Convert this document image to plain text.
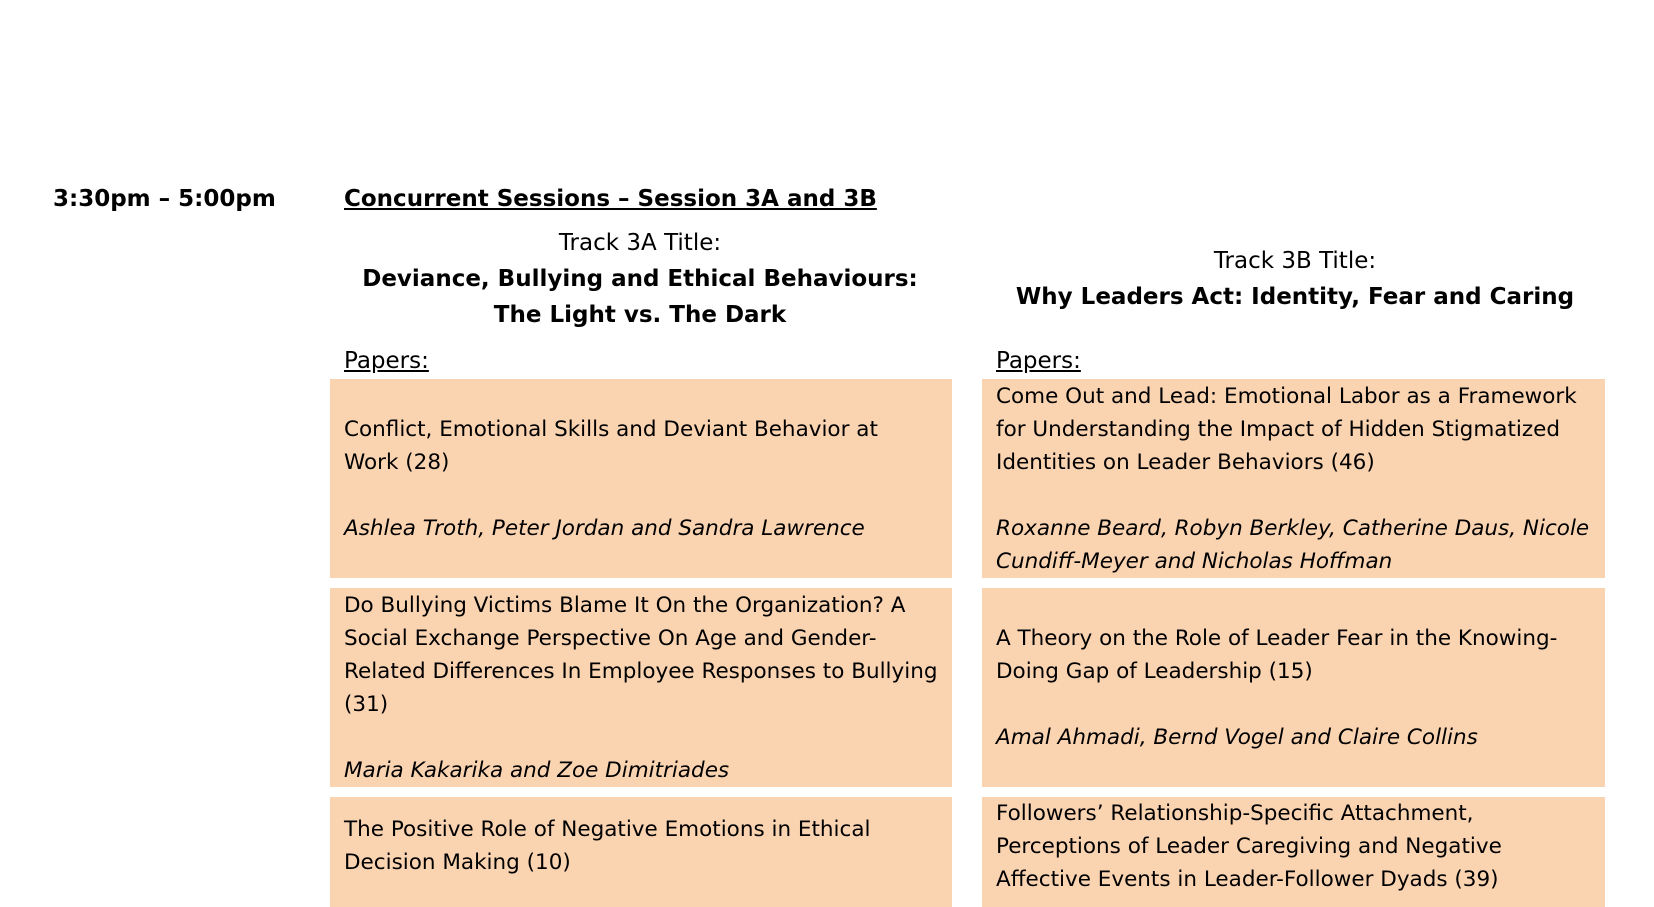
3:30pm – 5:00pm	Concurrent Sessions – Session 3A and 3B
Track 3A Title:
Deviance, Bullying and Ethical Behaviours:
The Light vs. The Dark
Track 3B Title:
Why Leaders Act: Identity, Fear and Caring
Papers:	Papers:
Conflict, Emotional Skills and Deviant Behavior at Work (28)
Ashlea Troth, Peter Jordan and Sandra Lawrence
Do Bullying Victims Blame It On the Organization? A Social Exchange Perspective On Age and Gender-Related Differences In Employee Responses to Bullying (31)
Maria Kakarika and Zoe Dimitriades
The Positive Role of Negative Emotions in Ethical Decision Making (10)
Come Out and Lead: Emotional Labor as a Framework for Understanding the Impact of Hidden Stigmatized Identities on Leader Behaviors (46)
Roxanne Beard, Robyn Berkley, Catherine Daus, Nicole Cundiff-Meyer and Nicholas Hoffman
A Theory on the Role of Leader Fear in the Knowing-Doing Gap of Leadership (15)
Amal Ahmadi, Bernd Vogel and Claire Collins
Followers’ Relationship-Specific Attachment, Perceptions of Leader Caregiving and Negative Affective Events in Leader-Follower Dyads (39)
